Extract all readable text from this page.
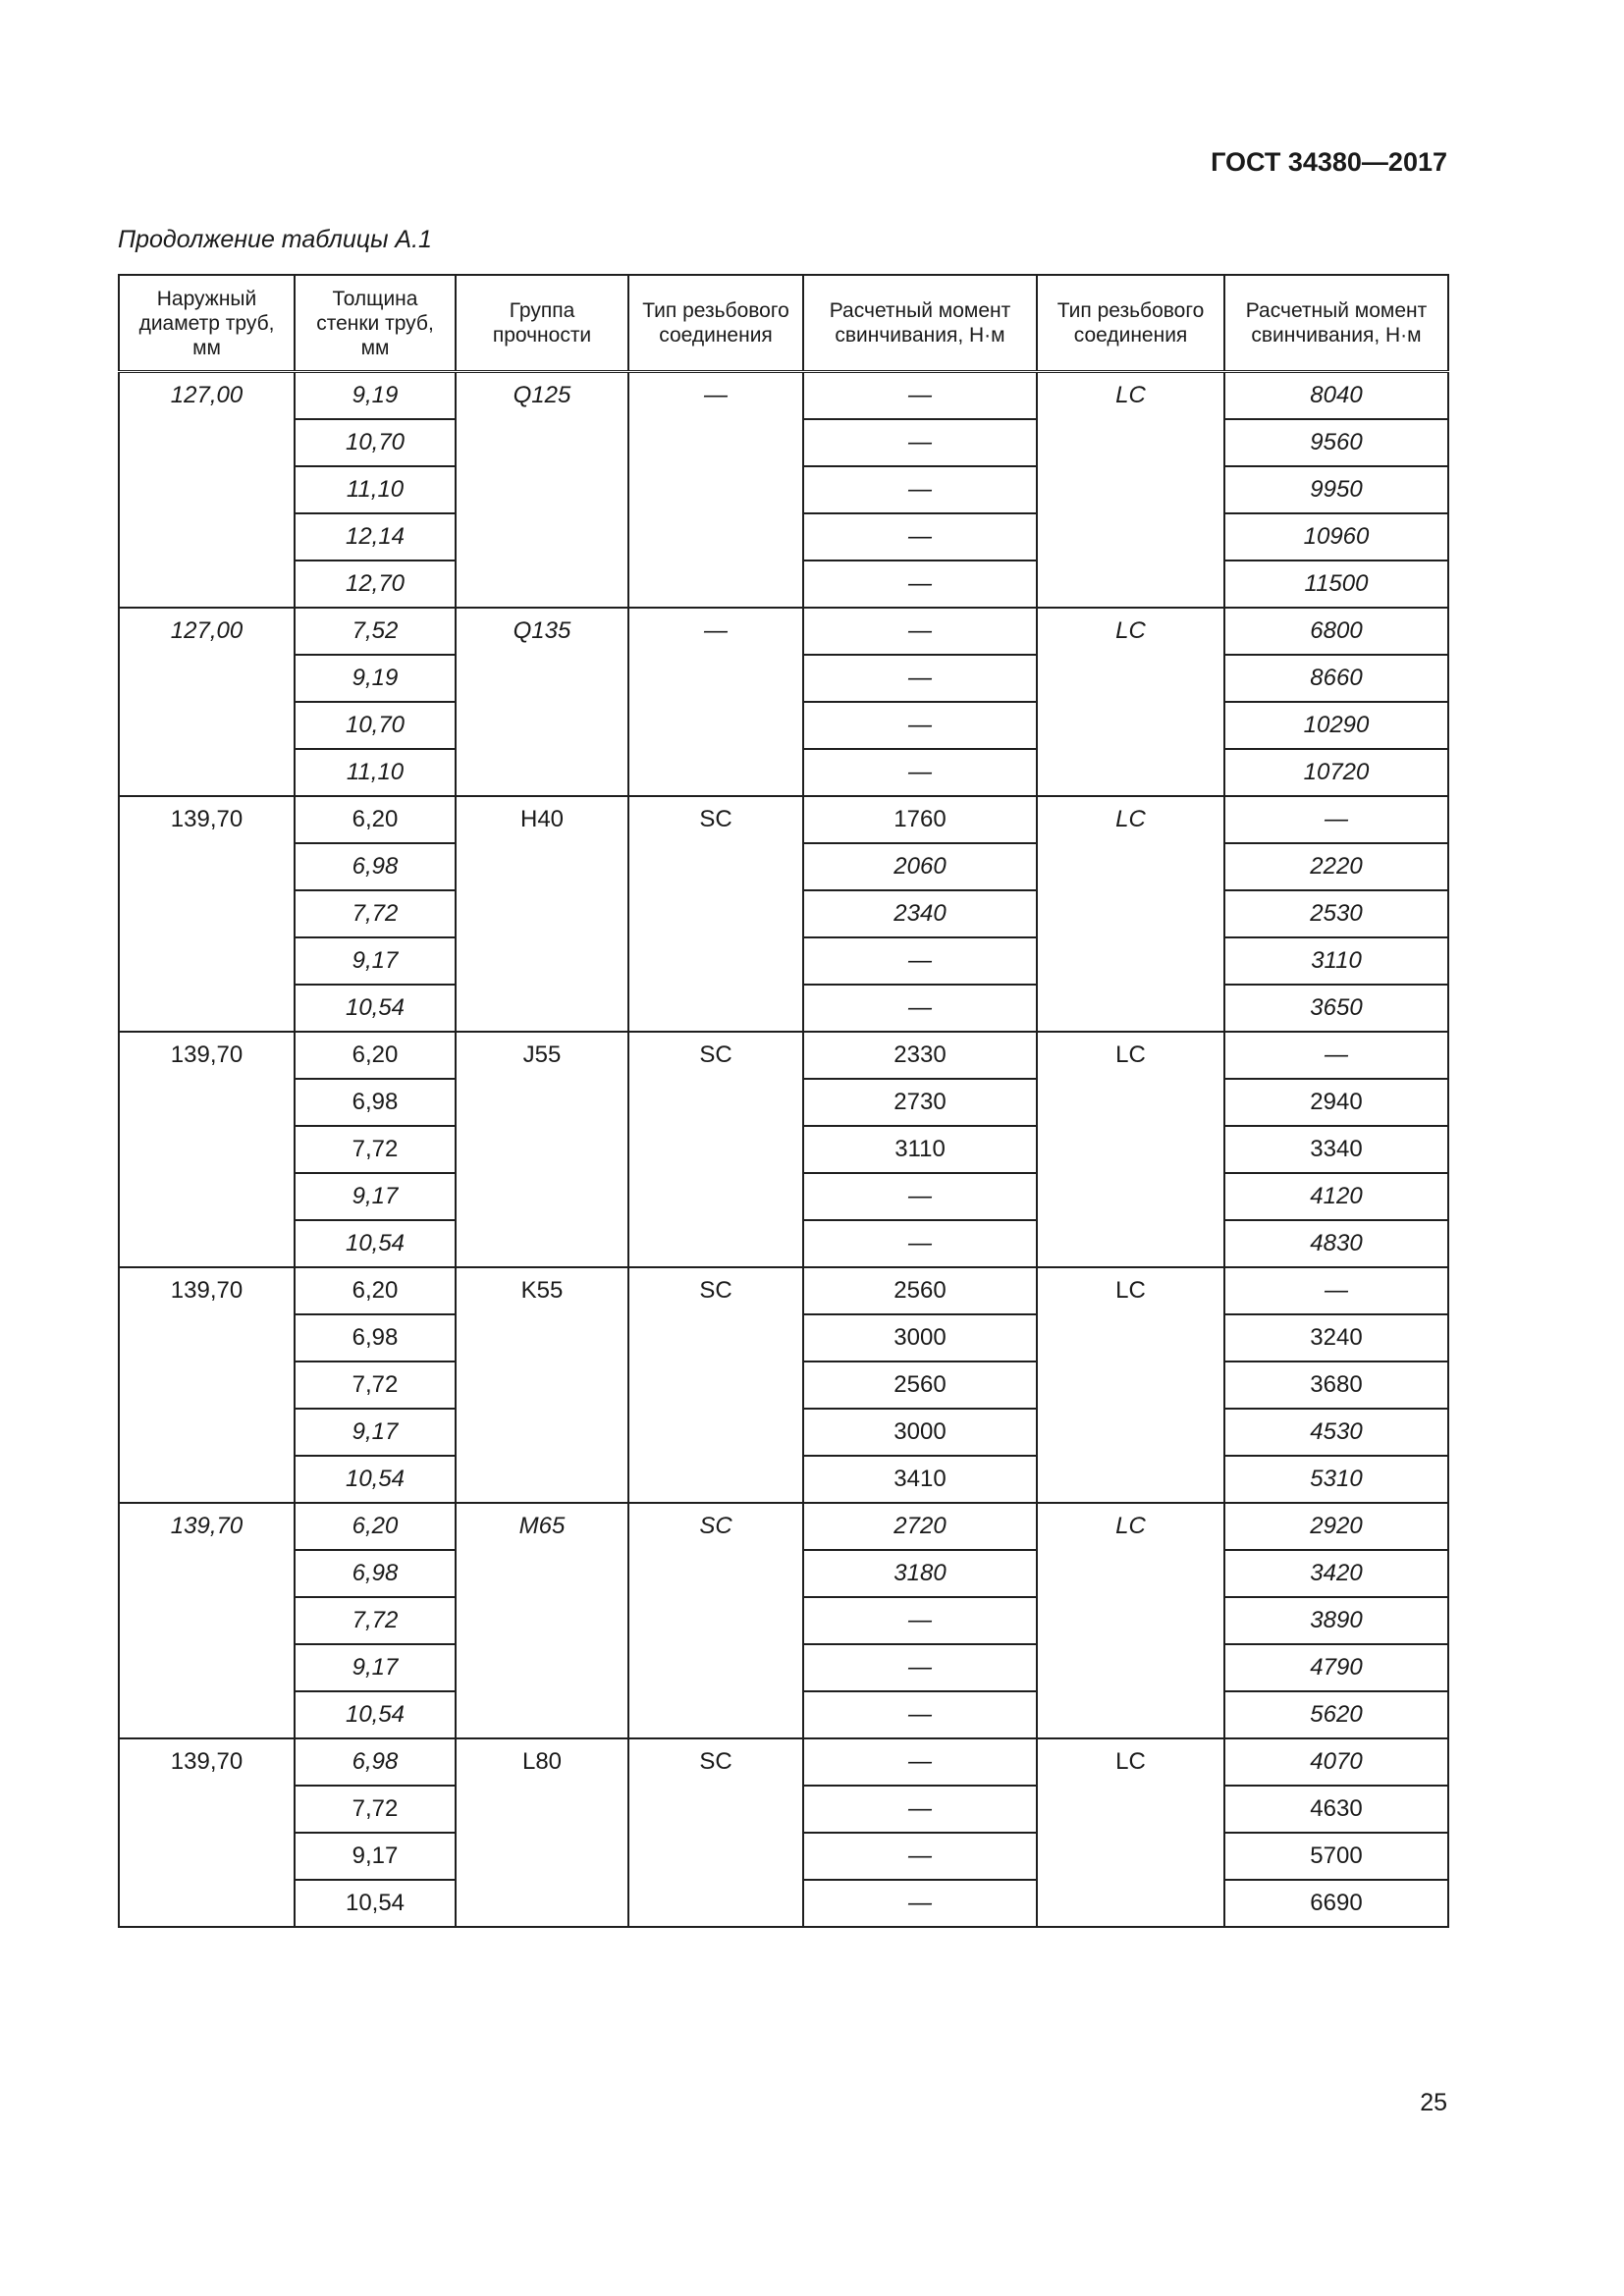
ГОСТ 34380—2017
Продолжение таблицы А.1
Наружный диаметр труб, мм	Толщина стенки труб, мм	Группа прочности	Тип резьбового соединения	Расчетный момент свинчивания, Н·м	Тип резьбового соединения	Расчетный момент свинчивания, Н·м
127,00	9,19	Q125	—	—	LC	8040
	10,70			—		9560
	11,10			—		9950
	12,14			—		10960
	12,70			—		11500
127,00	7,52	Q135	—	—	LC	6800
	9,19			—		8660
	10,70			—		10290
	11,10			—		10720
139,70	6,20	H40	SC	1760	LC	—
	6,98			2060		2220
	7,72			2340		2530
	9,17			—		3110
	10,54			—		3650
139,70	6,20	J55	SC	2330	LC	—
	6,98			2730		2940
	7,72			3110		3340
	9,17			—		4120
	10,54			—		4830
139,70	6,20	K55	SC	2560	LC	—
	6,98			3000		3240
	7,72			2560		3680
	9,17			3000		4530
	10,54			3410		5310
139,70	6,20	M65	SC	2720	LC	2920
	6,98			3180		3420
	7,72			—		3890
	9,17			—		4790
	10,54			—		5620
139,70	6,98	L80	SC	—	LC	4070
	7,72			—		4630
	9,17			—		5700
	10,54			—		6690
25
